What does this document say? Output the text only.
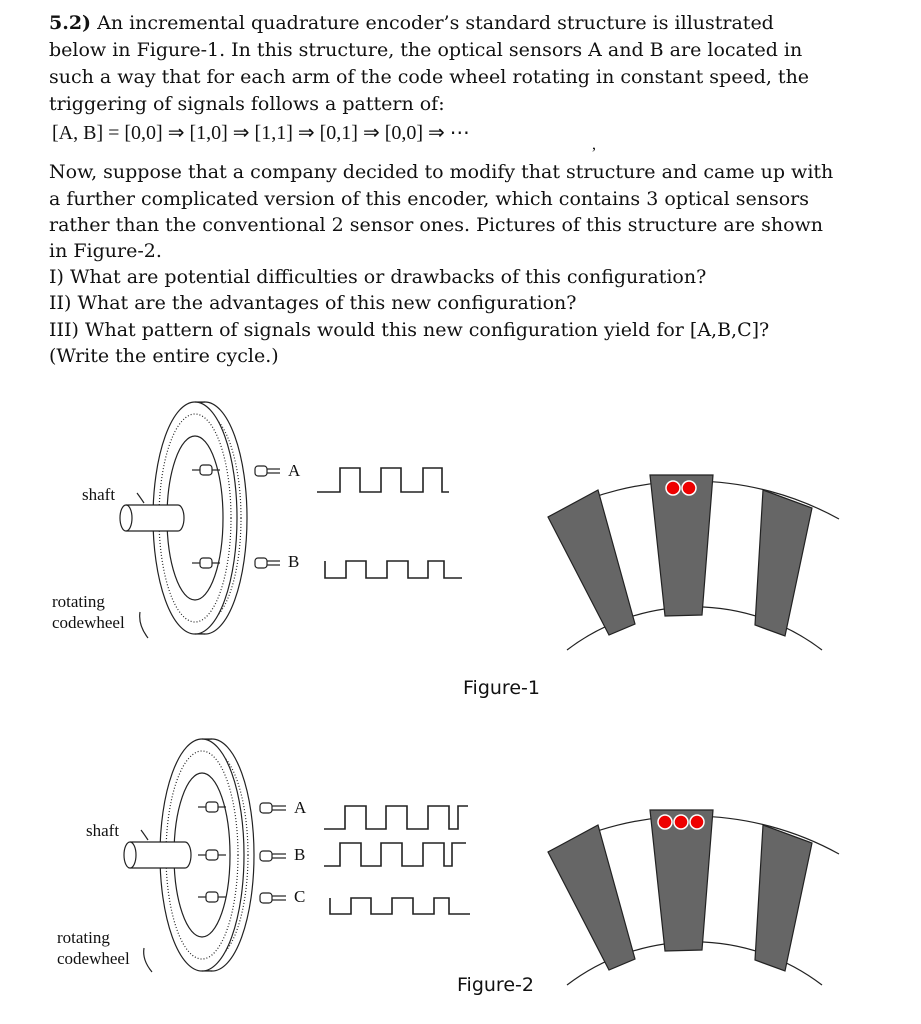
5.2) An incremental quadrature encoder’s standard structure is illustrated
below in Figure-1. In this structure, the optical sensors A and B are located in
such a way that for each arm of the code wheel rotating in constant speed, the
triggering of signals follows a pattern of:
[A, B] = [0,0] ⇒ [1,0] ⇒ [1,1] ⇒ [0,1] ⇒ [0,0] ⇒ ⋯
,
Now, suppose that a company decided to modify that structure and came up with
a further complicated version of this encoder, which contains 3 optical sensors
rather than the conventional 2 sensor ones. Pictures of this structure are shown
in Figure-2.
I) What are potential difficulties or drawbacks of this configuration?
II) What are the advantages of this new configuration?
III) What pattern of signals would this new configuration yield for [A,B,C]?
(Write the entire cycle.)
shaft
rotating
codewheel
A
B
Figure-1
shaft
rotating
codewheel
A
B
C
Figure-2
